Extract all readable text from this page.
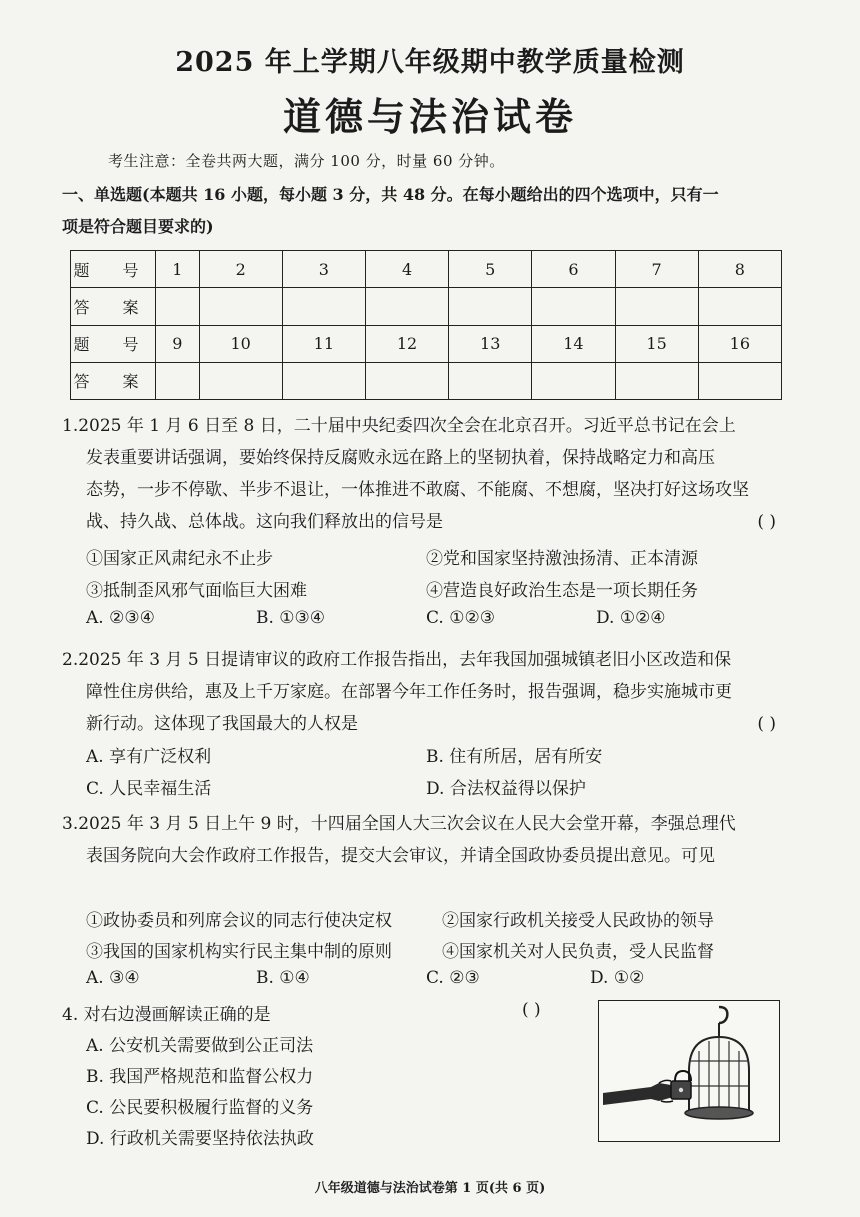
2025 年上学期八年级期中教学质量检测
道德与法治试卷
考生注意：全卷共两大题，满分 100 分，时量 60 分钟。
一、单选题(本题共 16 小题，每小题 3 分，共 48 分。在每小题给出的四个选项中，只有一
项是符合题目要求的)
题 号	1	2	3	4	5	6	7	8
答 案								
题 号	9	10	11	12	13	14	15	16
答 案								
1.2025 年 1 月 6 日至 8 日，二十届中央纪委四次全会在北京召开。习近平总书记在会上
发表重要讲话强调，要始终保持反腐败永远在路上的坚韧执着，保持战略定力和高压
态势，一步不停歇、半步不退让，一体推进不敢腐、不能腐、不想腐，坚决打好这场攻坚
战、持久战、总体战。这向我们释放出的信号是	( )
①国家正风肃纪永不止步	②党和国家坚持激浊扬清、正本清源
③抵制歪风邪气面临巨大困难	④营造良好政治生态是一项长期任务
A. ②③④	B. ①③④	C. ①②③	D. ①②④
2.2025 年 3 月 5 日提请审议的政府工作报告指出，去年我国加强城镇老旧小区改造和保
障性住房供给，惠及上千万家庭。在部署今年工作任务时，报告强调，稳步实施城市更
新行动。这体现了我国最大的人权是	( )
A. 享有广泛权利	B. 住有所居，居有所安
C. 人民幸福生活	D. 合法权益得以保护
3.2025 年 3 月 5 日上午 9 时，十四届全国人大三次会议在人民大会堂开幕，李强总理代
表国务院向大会作政府工作报告，提交大会审议，并请全国政协委员提出意见。可见
①政协委员和列席会议的同志行使决定权	②国家行政机关接受人民政协的领导
③我国的国家机构实行民主集中制的原则	④国家机关对人民负责，受人民监督
A. ③④	B. ①④	C. ②③	D. ①②
4. 对右边漫画解读正确的是	( )
A. 公安机关需要做到公正司法
B. 我国严格规范和监督公权力
C. 公民要积极履行监督的义务
D. 行政机关需要坚持依法执政
八年级道德与法治试卷第 1 页(共 6 页)
